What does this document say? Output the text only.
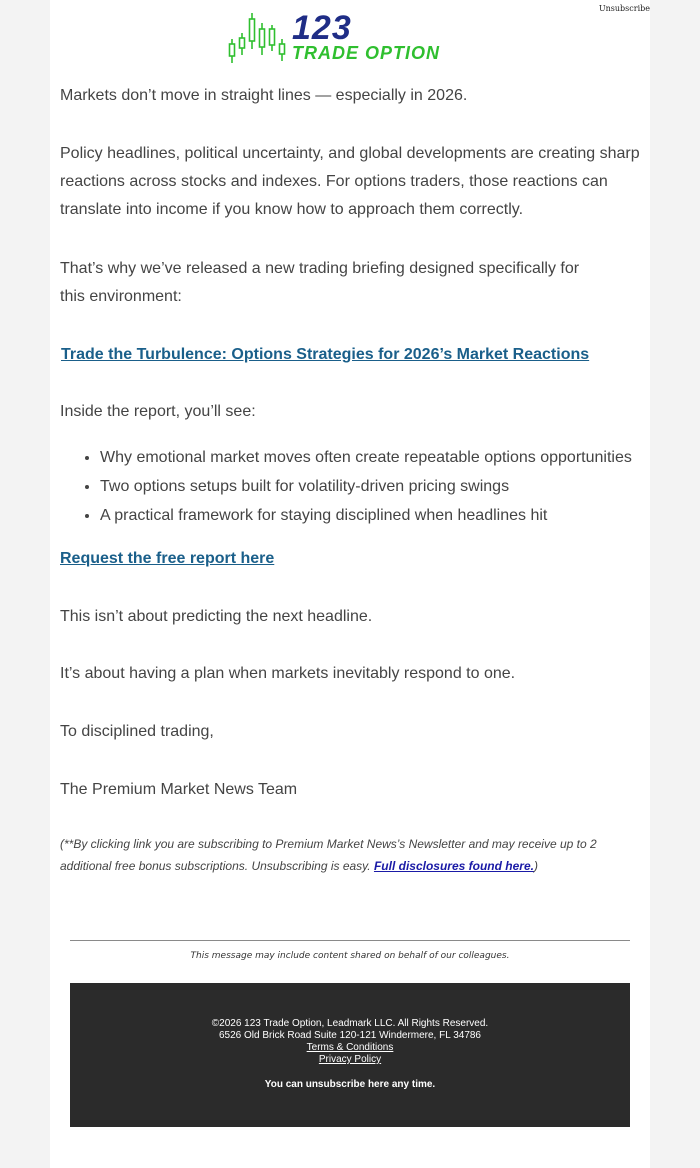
Unsubscribe
123
TRADE OPTION

Markets don’t move in straight lines — especially in 2026.

Policy headlines, political uncertainty, and global developments are creating sharp reactions across stocks and indexes. For options traders, those reactions can translate into income if you know how to approach them correctly.

That’s why we’ve released a new trading briefing designed specifically for
this environment:

Trade the Turbulence: Options Strategies for 2026’s Market Reactions

Inside the report, you’ll see:

• Why emotional market moves often create repeatable options opportunities
• Two options setups built for volatility-driven pricing swings
• A practical framework for staying disciplined when headlines hit

Request the free report here

This isn’t about predicting the next headline.

It’s about having a plan when markets inevitably respond to one.

To disciplined trading,

The Premium Market News Team

(**By clicking link you are subscribing to Premium Market News’s Newsletter and may receive up to 2 additional free bonus subscriptions. Unsubscribing is easy. Full disclosures found here.)

This message may include content shared on behalf of our colleagues.
©2026 123 Trade Option, Leadmark LLC. All Rights Reserved.
6526 Old Brick Road Suite 120-121 Windermere, FL 34786
Terms & Conditions
Privacy Policy
You can unsubscribe here any time.
